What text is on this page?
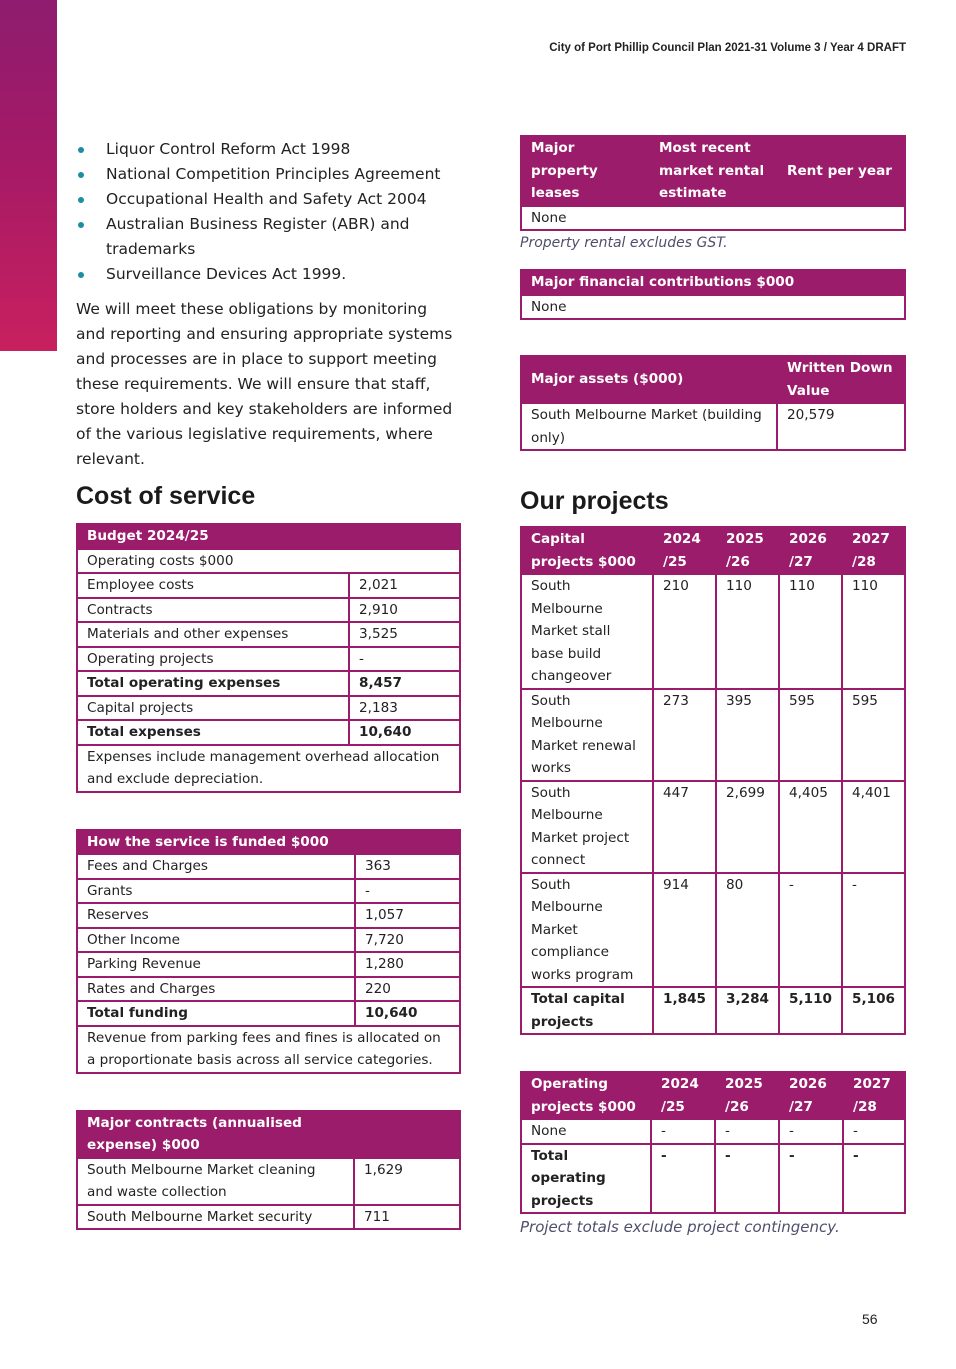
City of Port Phillip Council Plan 2021-31 Volume 3 / Year 4 DRAFT
Liquor Control Reform Act 1998
National Competition Principles Agreement
Occupational Health and Safety Act 2004
Australian Business Register (ABR) and trademarks
Surveillance Devices Act 1999.

We will meet these obligations by monitoring and reporting and ensuring appropriate systems and processes are in place to support meeting these requirements. We will ensure that staff, store holders and key stakeholders are informed of the various legislative requirements, where relevant.

Cost of service
Budget 2024/25	
Operating costs $000	
Employee costs	2,021
Contracts	2,910
Materials and other expenses	3,525
Operating projects	-
Total operating expenses	8,457
Capital projects	2,183
Total expenses	10,640
Expenses include management overhead allocation and exclude depreciation.	
How the service is funded $000	
Fees and Charges	363
Grants	-
Reserves	1,057
Other Income	7,720
Parking Revenue	1,280
Rates and Charges	220
Total funding	10,640
Revenue from parking fees and fines is allocated on a proportionate basis across all service categories.	
Major contracts (annualised expense) $000	
South Melbourne Market cleaning and waste collection	1,629
South Melbourne Market security	711
Major property leases	Most recent market rental estimate	Rent per year
None
Property rental excludes GST.
Major financial contributions $000
None
Major assets ($000)	Written Down Value
South Melbourne Market (building only)	20,579
Our projects
Capital projects $000	2024 /25	2025 /26	2026 /27	2027 /28
South Melbourne Market stall base build changeover	210	110	110	110
South Melbourne Market renewal works	273	395	595	595
South Melbourne Market project connect	447	2,699	4,405	4,401
South Melbourne Market compliance works program	914	80	-	-
Total capital projects	1,845	3,284	5,110	5,106
Operating projects $000	2024 /25	2025 /26	2026 /27	2027 /28
None	-	-	-	-
Total operating projects	-	-	-	-
Project totals exclude project contingency.
56
